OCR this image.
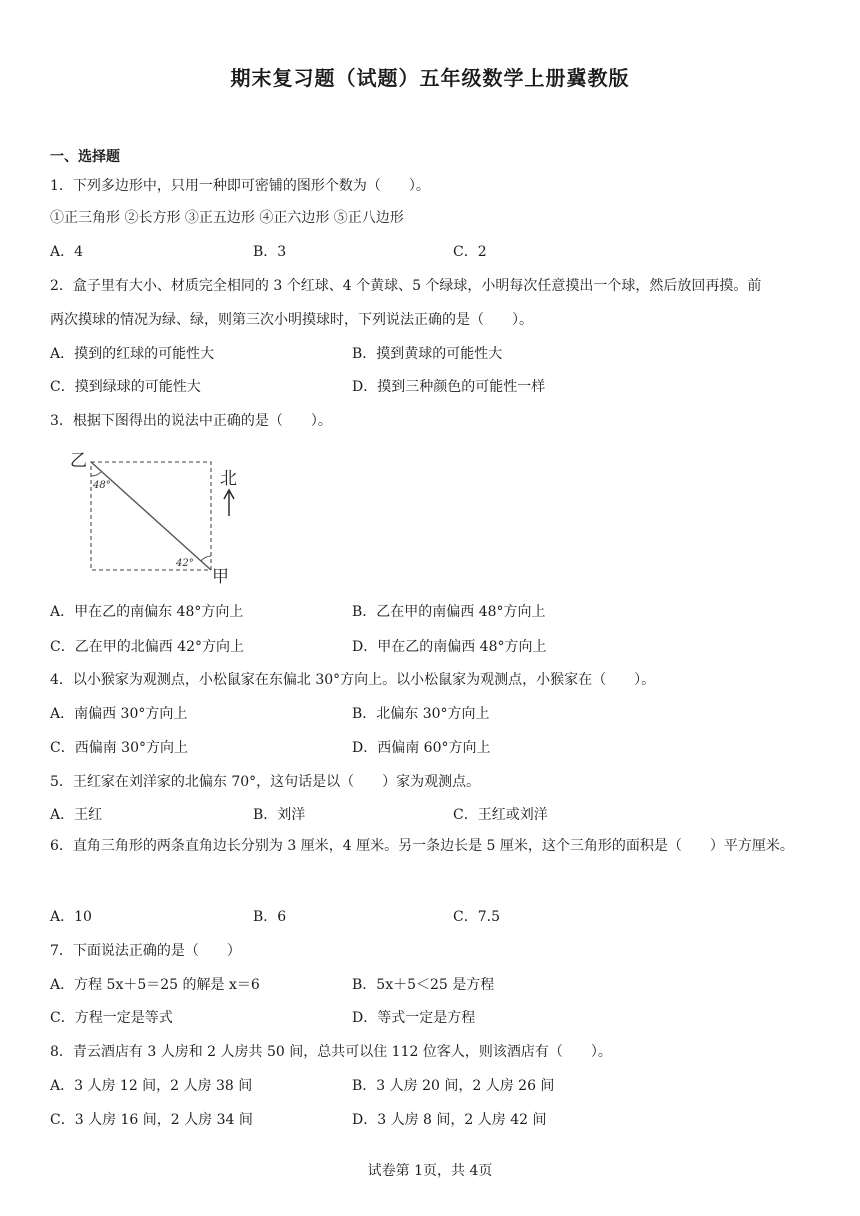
期末复习题（试题）五年级数学上册冀教版
一、选择题
1．下列多边形中，只用一种即可密铺的图形个数为（　　）。
①正三角形 ②长方形 ③正五边形 ④正六边形 ⑤正八边形
A．4	B．3	C．2
2．盒子里有大小、材质完全相同的 3 个红球、4 个黄球、5 个绿球，小明每次任意摸出一个球，然后放回再摸。前
两次摸球的情况为绿、绿，则第三次小明摸球时，下列说法正确的是（　　）。
A．摸到的红球的可能性大	B．摸到黄球的可能性大
C．摸到绿球的可能性大	D．摸到三种颜色的可能性一样
3．根据下图得出的说法中正确的是（　　）。
乙
甲
48°
42°
北
A．甲在乙的南偏东 48°方向上	B．乙在甲的南偏西 48°方向上
C．乙在甲的北偏西 42°方向上	D．甲在乙的南偏西 48°方向上
4．以小猴家为观测点，小松鼠家在东偏北 30°方向上。以小松鼠家为观测点，小猴家在（　　）。
A．南偏西 30°方向上	B．北偏东 30°方向上
C．西偏南 30°方向上	D．西偏南 60°方向上
5．王红家在刘洋家的北偏东 70°，这句话是以（　　）家为观测点。
A．王红	B．刘洋	C．王红或刘洋
6．直角三角形的两条直角边长分别为 3 厘米，4 厘米。另一条边长是 5 厘米，这个三角形的面积是（　　）平方厘米。
A．10	B．6	C．7.5
7．下面说法正确的是（　　）
A．方程 5x＋5＝25 的解是 x＝6	B．5x＋5＜25 是方程
C．方程一定是等式	D．等式一定是方程
8．青云酒店有 3 人房和 2 人房共 50 间，总共可以住 112 位客人，则该酒店有（　　）。
A．3 人房 12 间，2 人房 38 间	B．3 人房 20 间，2 人房 26 间
C．3 人房 16 间，2 人房 34 间	D．3 人房 8 间，2 人房 42 间
试卷第 1页，共 4页
